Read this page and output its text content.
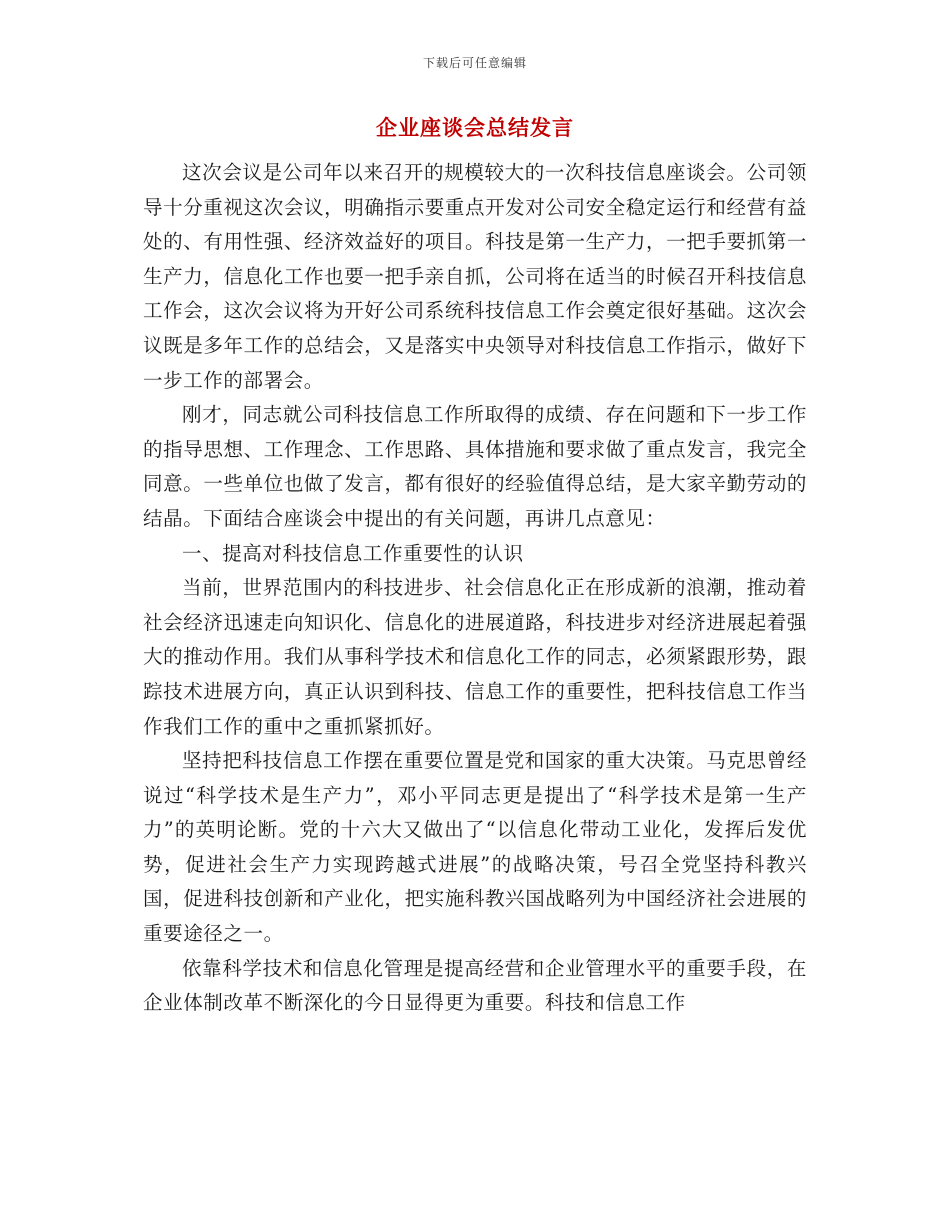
下载后可任意编辑
企业座谈会总结发言

这次会议是公司年以来召开的规模较大的一次科技信息座谈会。公司领导十分重视这次会议，明确指示要重点开发对公司安全稳定运行和经营有益处的、有用性强、经济效益好的项目。科技是第一生产力，一把手要抓第一生产力，信息化工作也要一把手亲自抓，公司将在适当的时候召开科技信息工作会，这次会议将为开好公司系统科技信息工作会奠定很好基础。这次会议既是多年工作的总结会，又是落实中央领导对科技信息工作指示，做好下一步工作的部署会。

刚才，同志就公司科技信息工作所取得的成绩、存在问题和下一步工作的指导思想、工作理念、工作思路、具体措施和要求做了重点发言，我完全同意。一些单位也做了发言，都有很好的经验值得总结，是大家辛勤劳动的结晶。下面结合座谈会中提出的有关问题，再讲几点意见：

一、提高对科技信息工作重要性的认识

当前，世界范围内的科技进步、社会信息化正在形成新的浪潮，推动着社会经济迅速走向知识化、信息化的进展道路，科技进步对经济进展起着强大的推动作用。我们从事科学技术和信息化工作的同志，必须紧跟形势，跟踪技术进展方向，真正认识到科技、信息工作的重要性，把科技信息工作当作我们工作的重中之重抓紧抓好。

坚持把科技信息工作摆在重要位置是党和国家的重大决策。马克思曾经说过“科学技术是生产力”，邓小平同志更是提出了“科学技术是第一生产力”的英明论断。党的十六大又做出了“以信息化带动工业化，发挥后发优势，促进社会生产力实现跨越式进展”的战略决策，号召全党坚持科教兴国，促进科技创新和产业化，把实施科教兴国战略列为中国经济社会进展的重要途径之一。

依靠科学技术和信息化管理是提高经营和企业管理水平的重要手段，在企业体制改革不断深化的今日显得更为重要。科技和信息工作
